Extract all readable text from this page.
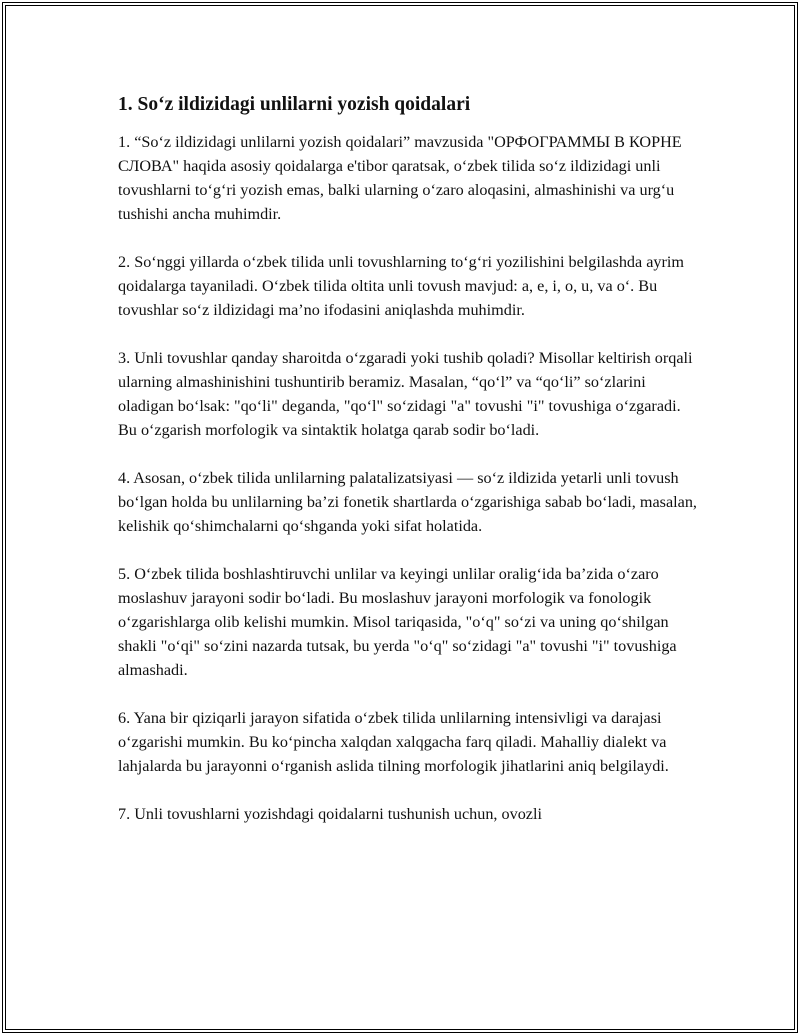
1. So‘z ildizidagi unlilarni yozish qoidalari

1. “So‘z ildizidagi unlilarni yozish qoidalari” mavzusida "ОРФОГРАММЫ В КОРНЕ СЛОВА" haqida asosiy qoidalarga e'tibor qaratsak, o‘zbek tilida so‘z ildizidagi unli tovushlarni to‘g‘ri yozish emas, balki ularning o‘zaro aloqasini, almashinishi va urg‘u tushishi ancha muhimdir.

2. So‘nggi yillarda o‘zbek tilida unli tovushlarning to‘g‘ri yozilishini belgilashda ayrim qoidalarga tayaniladi. O‘zbek tilida oltita unli tovush mavjud: a, e, i, o, u, va o‘. Bu tovushlar so‘z ildizidagi ma’no ifodasini aniqlashda muhimdir.

3. Unli tovushlar qanday sharoitda o‘zgaradi yoki tushib qoladi? Misollar keltirish orqali ularning almashinishini tushuntirib beramiz. Masalan, “qo‘l” va “qo‘li” so‘zlarini oladigan bo‘lsak: "qo‘li" deganda, "qo‘l" so‘zidagi "a" tovushi "i" tovushiga o‘zgaradi. Bu o‘zgarish morfologik va sintaktik holatga qarab sodir bo‘ladi.

4. Asosan, o‘zbek tilida unlilarning palatalizatsiyasi — so‘z ildizida yetarli unli tovush bo‘lgan holda bu unlilarning ba’zi fonetik shartlarda o‘zgarishiga sabab bo‘ladi, masalan, kelishik qo‘shimchalarni qo‘shganda yoki sifat holatida.

5. O‘zbek tilida boshlashtiruvchi unlilar va keyingi unlilar oralig‘ida ba’zida o‘zaro moslashuv jarayoni sodir bo‘ladi. Bu moslashuv jarayoni morfologik va fonologik o‘zgarishlarga olib kelishi mumkin. Misol tariqasida, "o‘q" so‘zi va uning qo‘shilgan shakli "o‘qi" so‘zini nazarda tutsak, bu yerda "o‘q" so‘zidagi "a" tovushi "i" tovushiga almashadi.

6. Yana bir qiziqarli jarayon sifatida o‘zbek tilida unlilarning intensivligi va darajasi o‘zgarishi mumkin. Bu ko‘pincha xalqdan xalqgacha farq qiladi. Mahalliy dialekt va lahjalarda bu jarayonni o‘rganish aslida tilning morfologik jihatlarini aniq belgilaydi.

7. Unli tovushlarni yozishdagi qoidalarni tushunish uchun, ovozli
